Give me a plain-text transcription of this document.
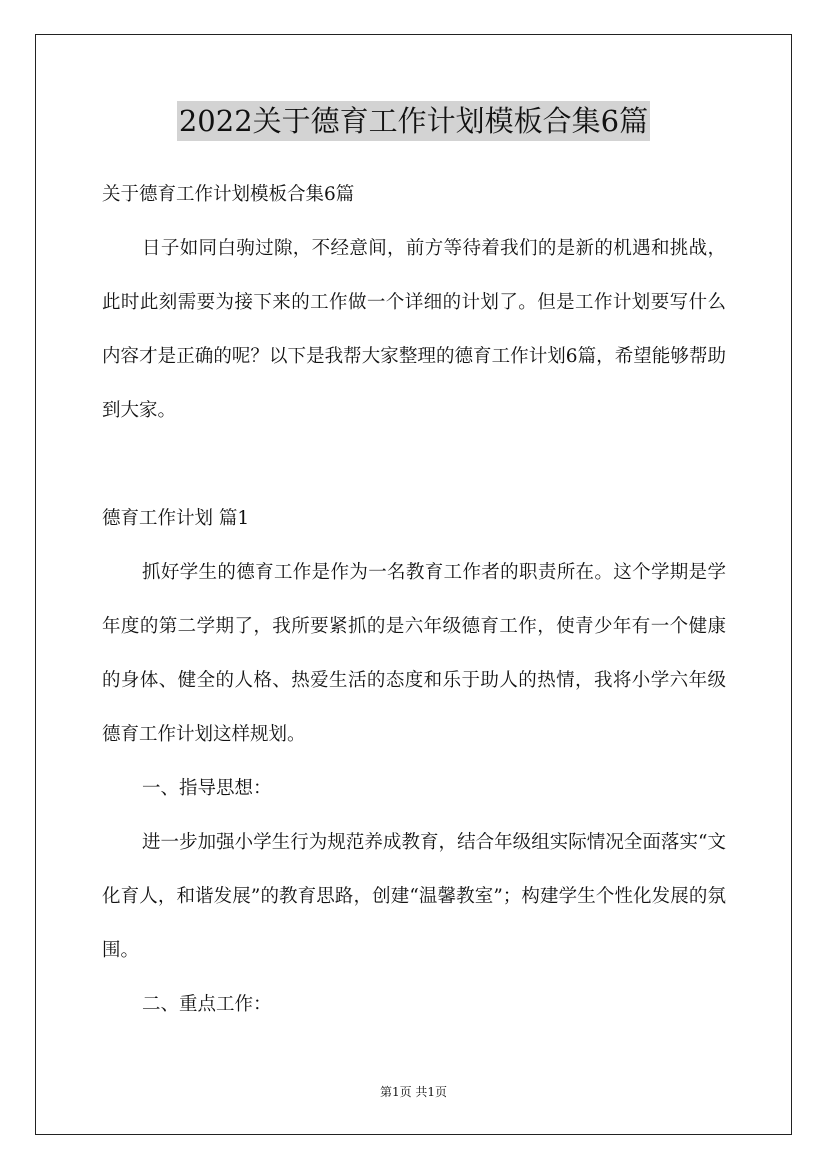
2022关于德育工作计划模板合集6篇

关于德育工作计划模板合集6篇

日子如同白驹过隙，不经意间，前方等待着我们的是新的机遇和挑战，此时此刻需要为接下来的工作做一个详细的计划了。但是工作计划要写什么内容才是正确的呢？以下是我帮大家整理的德育工作计划6篇，希望能够帮助到大家。

德育工作计划 篇1

抓好学生的德育工作是作为一名教育工作者的职责所在。这个学期是学年度的第二学期了，我所要紧抓的是六年级德育工作，使青少年有一个健康的身体、健全的人格、热爱生活的态度和乐于助人的热情，我将小学六年级德育工作计划这样规划。

一、指导思想：

进一步加强小学生行为规范养成教育，结合年级组实际情况全面落实“文化育人，和谐发展”的教育思路，创建“温馨教室”；构建学生个性化发展的氛围。

二、重点工作：

第1页 共1页
